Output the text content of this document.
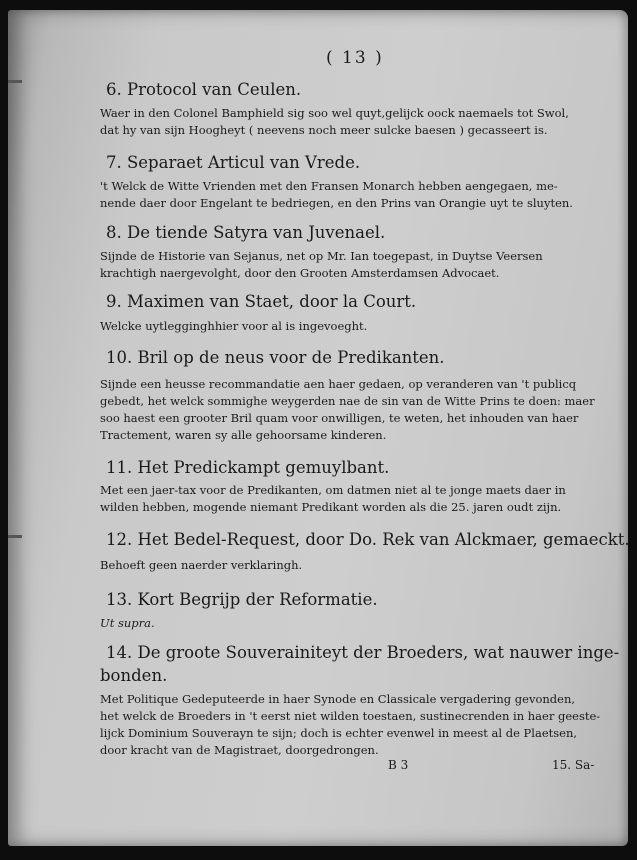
( 13 )
6. Protocol van Ceulen.
Waer in den Colonel Bamphield sig soo wel quyt,gelijck oock naemaels tot Swol,
dat hy van sijn Hoogheyt ( neevens noch meer sulcke baesen ) gecasseert is.
7. Separaet Articul van Vrede.
't Welck de Witte Vrienden met den Fransen Monarch hebben aengegaen, me-
nende daer door Engelant te bedriegen, en den Prins van Orangie uyt te sluyten.
8. De tiende Satyra van Juvenael.
Sijnde de Historie van Sejanus, net op Mr. Ian toegepast, in Duytse Veersen
krachtigh naergevolght, door den Grooten Amsterdamsen Advocaet.
9. Maximen van Staet, door la Court.
Welcke uytlegginghhier voor al is ingevoeght.
10. Bril op de neus voor de Predikanten.
Sijnde een heusse recommandatie aen haer gedaen, op veranderen van 't publicq
gebedt, het welck sommighe weygerden nae de sin van de Witte Prins te doen: maer
soo haest een grooter Bril quam voor onwilligen, te weten, het inhouden van haer
Tractement, waren sy alle gehoorsame kinderen.
11. Het Predickampt gemuylbant.
Met een jaer-tax voor de Predikanten, om datmen niet al te jonge maets daer in
wilden hebben, mogende niemant Predikant worden als die 25. jaren oudt zijn.
12. Het Bedel-Request, door Do. Rek van Alckmaer, gemaeckt.
Behoeft geen naerder verklaringh.
13. Kort Begrijp der Reformatie.
Ut supra.
14. De groote Souverainiteyt der Broeders, wat nauwer inge-
bonden.
Met Politique Gedeputeerde in haer Synode en Classicale vergadering gevonden,
het welck de Broeders in 't eerst niet wilden toestaen, sustinecrenden in haer geeste-
lijck Dominium Souverayn te sijn; doch is echter evenwel in meest al de Plaetsen,
door kracht van de Magistraet, doorgedrongen.
B 3	15. Sa-
